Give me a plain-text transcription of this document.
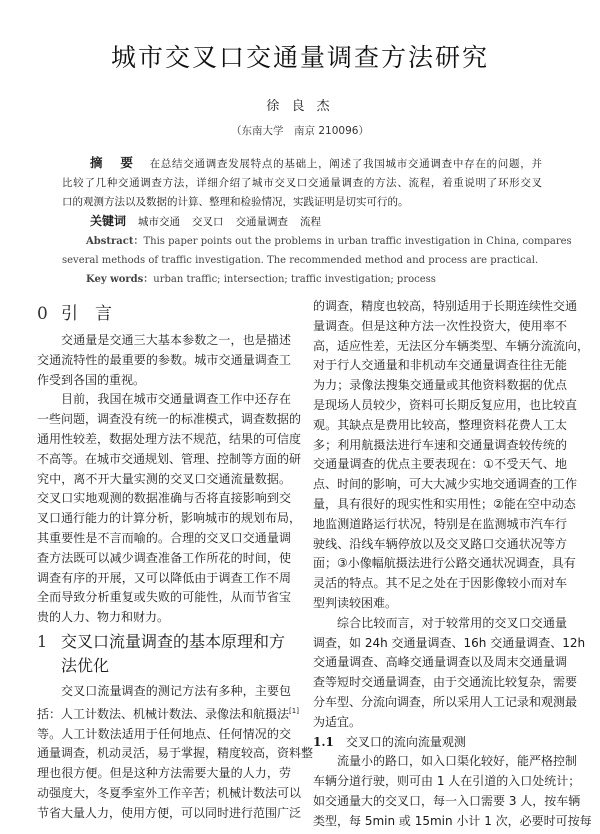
城市交叉口交通量调查方法研究
徐 良 杰
（东南大学　南京 210096）
摘 要 在总结交通调查发展特点的基础上，阐述了我国城市交通调查中存在的问题，并
比较了几种交通调查方法，详细介绍了城市交叉口交通量调查的方法、流程，着重说明了环形交叉
口的观测方法以及数据的计算、整理和检验情况，实践证明是切实可行的。
关键词 城市交通 交叉口 交通量调查 流程
Abstract：This paper points out the problems in urban traffic investigation in China, compares
several methods of traffic investigation. The recommended method and process are practical.
Key words：urban traffic; intersection; traffic investigation; process
0 引　言
交通量是交通三大基本参数之一，也是描述
交通流特性的最重要的参数。城市交通量调查工
作受到各国的重视。
目前，我国在城市交通量调查工作中还存在
一些问题，调查没有统一的标准模式，调查数据的
通用性较差，数据处理方法不规范，结果的可信度
不高等。在城市交通规划、管理、控制等方面的研
究中，离不开大量实测的交叉口交通流量数据。
交叉口实地观测的数据准确与否将直接影响到交
叉口通行能力的计算分析，影响城市的规划布局，
其重要性是不言而喻的。合理的交叉口交通量调
查方法既可以减少调查准备工作所花的时间，使
调查有序的开展，又可以降低由于调查工作不周
全而导致分析重复或失败的可能性，从而节省宝
贵的人力、物力和财力。
1 交叉口流量调查的基本原理和方
法优化
交叉口流量调查的测记方法有多种，主要包
括：人工计数法、机械计数法、录像法和航摄法[1]
等。人工计数法适用于任何地点、任何情况的交
通量调查，机动灵活，易于掌握，精度较高，资料整
理也很方便。但是这种方法需要大量的人力，劳
动强度大，冬夏季室外工作辛苦；机械计数法可以
节省大量人力，使用方便，可以同时进行范围广泛
的调查，精度也较高，特别适用于长期连续性交通
量调查。但是这种方法一次性投资大，使用率不
高，适应性差，无法区分车辆类型、车辆分流流向，
对于行人交通量和非机动车交通量调查往往无能
为力；录像法搜集交通量或其他资料数据的优点
是现场人员较少，资料可长期反复应用，也比较直
观。其缺点是费用比较高，整理资料花费人工太
多；利用航摄法进行车速和交通量调查较传统的
交通量调查的优点主要表现在：①不受天气、地
点、时间的影响，可大大减少实地交通调查的工作
量，具有很好的现实性和实用性；②能在空中动态
地监测道路运行状况，特别是在监测城市汽车行
驶线、沿线车辆停放以及交叉路口交通状况等方
面；③小像幅航摄法进行公路交通状况调查，具有
灵活的特点。其不足之处在于因影像较小而对车
型判读较困难。
综合比较而言，对于较常用的交叉口交通量
调查，如 24h 交通量调查、16h 交通量调查、12h
交通量调查、高峰交通量调查以及周末交通量调
查等短时交通量调查，由于交通流比较复杂，需要
分车型、分流向调查，所以采用人工记录和观测最
为适宜。
1.1 交叉口的流向流量观测
流量小的路口，如入口渠化较好，能严格控制
车辆分道行驶，则可由 1 人在引道的入口处统计；
如交通量大的交叉口，每一入口需要 3 人，按车辆
类型，每 5min 或 15min 小计 1 次，必要时可按每
